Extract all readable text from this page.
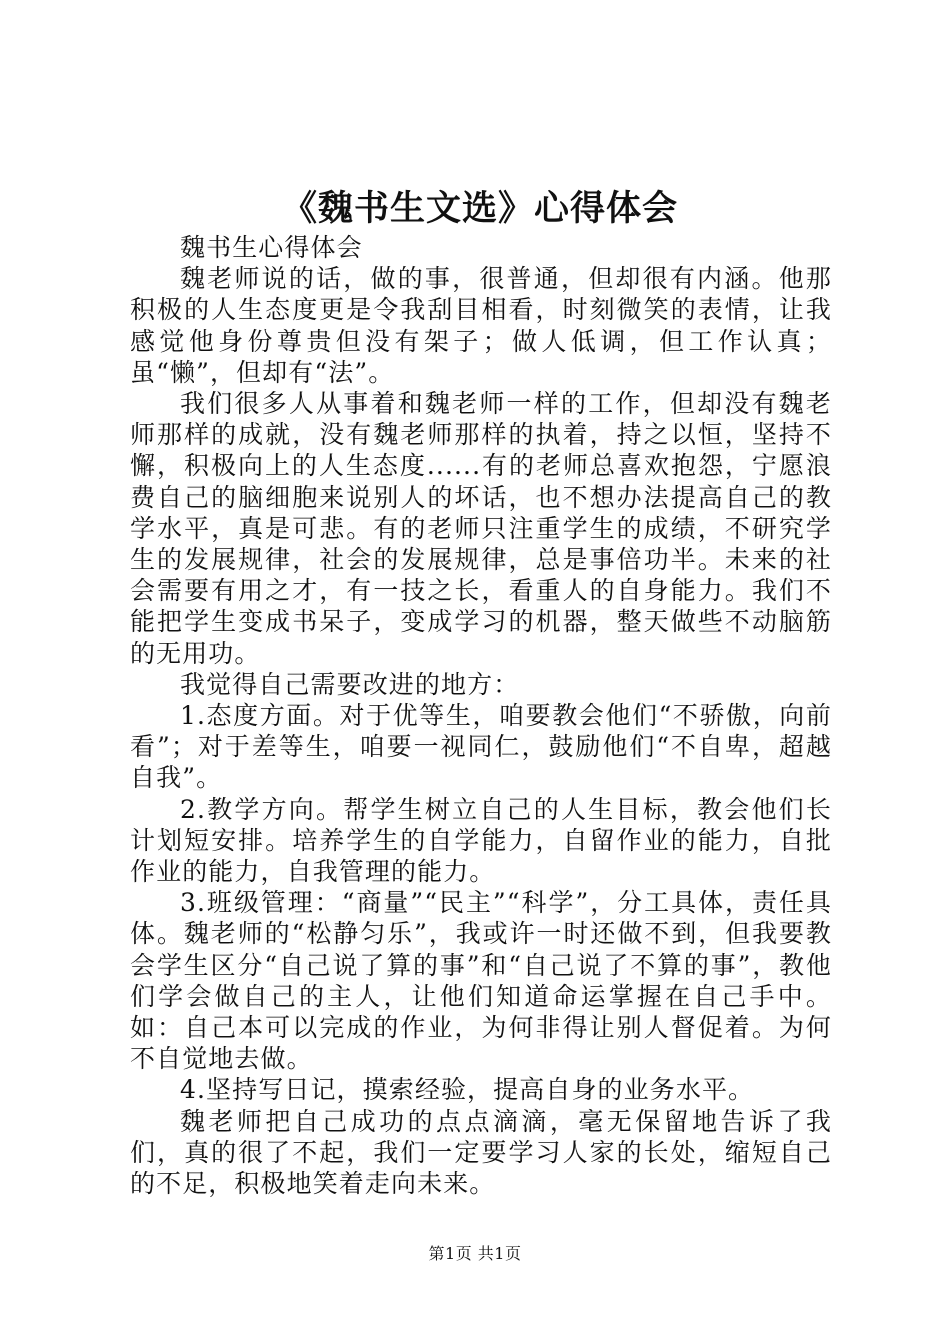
《魏书生文选》心得体会

魏书生心得体会

魏老师说的话，做的事，很普通，但却很有内涵。他那积极的人生态度更是令我刮目相看，时刻微笑的表情，让我感觉他身份尊贵但没有架子；做人低调，但工作认真；虽“懒”，但却有“法”。

我们很多人从事着和魏老师一样的工作，但却没有魏老师那样的成就，没有魏老师那样的执着，持之以恒，坚持不懈，积极向上的人生态度......有的老师总喜欢抱怨，宁愿浪费自己的脑细胞来说别人的坏话，也不想办法提高自己的教学水平，真是可悲。有的老师只注重学生的成绩，不研究学生的发展规律，社会的发展规律，总是事倍功半。未来的社会需要有用之才，有一技之长，看重人的自身能力。我们不能把学生变成书呆子，变成学习的机器，整天做些不动脑筋的无用功。

我觉得自己需要改进的地方：

1.态度方面。对于优等生，咱要教会他们“不骄傲，向前看”；对于差等生，咱要一视同仁，鼓励他们“不自卑，超越自我”。

2.教学方向。帮学生树立自己的人生目标，教会他们长计划短安排。培养学生的自学能力，自留作业的能力，自批作业的能力，自我管理的能力。

3.班级管理：“商量”“民主”“科学”，分工具体，责任具体。魏老师的“松静匀乐”，我或许一时还做不到，但我要教会学生区分“自己说了算的事”和“自己说了不算的事”，教他们学会做自己的主人，让他们知道命运掌握在自己手中。如：自己本可以完成的作业，为何非得让别人督促着。为何不自觉地去做。

4.坚持写日记，摸索经验，提高自身的业务水平。

魏老师把自己成功的点点滴滴，毫无保留地告诉了我们，真的很了不起，我们一定要学习人家的长处，缩短自己的不足，积极地笑着走向未来。

第1页 共1页
